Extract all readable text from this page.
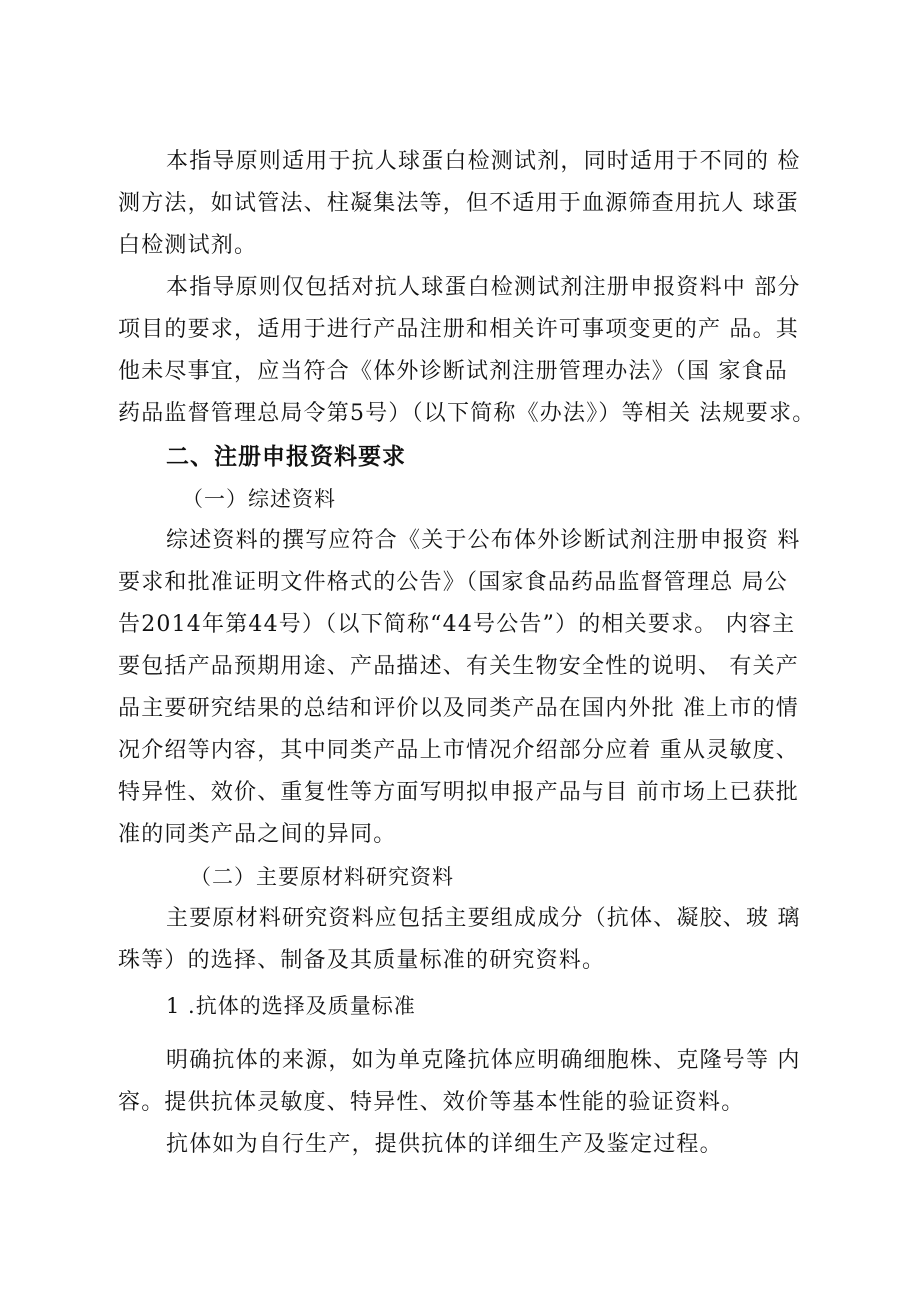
本指导原则适用于抗人球蛋白检测试剂，同时适用于不同的 检
测方法，如试管法、柱凝集法等，但不适用于血源筛查用抗人 球蛋
白检测试剂。
本指导原则仅包括对抗人球蛋白检测试剂注册申报资料中 部分
项目的要求，适用于进行产品注册和相关许可事项变更的产 品。其
他未尽事宜，应当符合《体外诊断试剂注册管理办法》（国 家食品
药品监督管理总局令第5号）（以下简称《办法》）等相关 法规要求。
二、注册申报资料要求
（一）综述资料
综述资料的撰写应符合《关于公布体外诊断试剂注册申报资 料
要求和批准证明文件格式的公告》（国家食品药品监督管理总 局公
告2014年第44号）（以下简称“44号公告”）的相关要求。 内容主
要包括产品预期用途、产品描述、有关生物安全性的说明、 有关产
品主要研究结果的总结和评价以及同类产品在国内外批 准上市的情
况介绍等内容，其中同类产品上市情况介绍部分应着 重从灵敏度、
特异性、效价、重复性等方面写明拟申报产品与目 前市场上已获批
准的同类产品之间的异同。
（二）主要原材料研究资料
主要原材料研究资料应包括主要组成成分（抗体、凝胶、玻 璃
珠等）的选择、制备及其质量标准的研究资料。
1 .抗体的选择及质量标准
明确抗体的来源，如为单克隆抗体应明确细胞株、克隆号等 内
容。提供抗体灵敏度、特异性、效价等基本性能的验证资料。
抗体如为自行生产，提供抗体的详细生产及鉴定过程。
